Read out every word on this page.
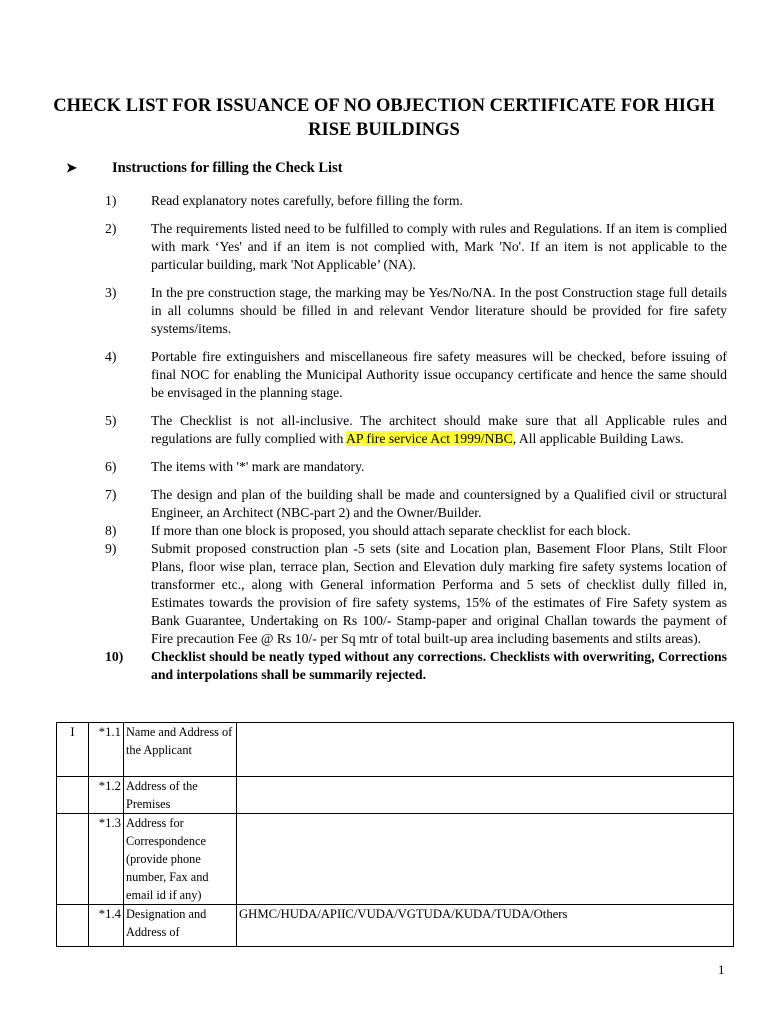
CHECK LIST FOR ISSUANCE OF NO OBJECTION CERTIFICATE FOR HIGH RISE BUILDINGS
➤ Instructions for filling the Check List
1)	Read explanatory notes carefully, before filling the form.
2)	The requirements listed need to be fulfilled to comply with rules and Regulations. If an item is complied with mark ‘Yes' and if an item is not complied with, Mark 'No'. If an item is not applicable to the particular building, mark 'Not Applicable’ (NA).
3)	In the pre construction stage, the marking may be Yes/No/NA. In the post Construction stage full details in all columns should be filled in and relevant Vendor literature should be provided for fire safety systems/items.
4)	Portable fire extinguishers and miscellaneous fire safety measures will be checked, before issuing of final NOC for enabling the Municipal Authority issue occupancy certificate and hence the same should be envisaged in the planning stage.
5)	The Checklist is not all-inclusive. The architect should make sure that all Applicable rules and regulations are fully complied with AP fire service Act 1999/NBC, All applicable Building Laws.
6)	The items with '*' mark are mandatory.
7)	The design and plan of the building shall be made and countersigned by a Qualified civil or structural Engineer, an Architect (NBC-part 2) and the Owner/Builder.
8)	If more than one block is proposed, you should attach separate checklist for each block.
9)	Submit proposed construction plan -5 sets (site and Location plan, Basement Floor Plans, Stilt Floor Plans, floor wise plan, terrace plan, Section and Elevation duly marking fire safety systems location of transformer etc., along with General information Performa and 5 sets of checklist dully filled in, Estimates towards the provision of fire safety systems, 15% of the estimates of Fire Safety system as Bank Guarantee, Undertaking on Rs 100/- Stamp-paper and original Challan towards the payment of Fire precaution Fee @ Rs 10/- per Sq mtr of total built-up area including basements and stilts areas).
10) Checklist should be neatly typed without any corrections. Checklists with overwriting, Corrections and interpolations shall be summarily rejected.
I	*1.1	Name and Address of the Applicant	
	*1.2	Address of the Premises	
	*1.3	Address for Correspondence (provide phone number, Fax and email id if any)	
	*1.4	Designation and Address of	GHMC/HUDA/APIIC/VUDA/VGTUDA/KUDA/TUDA/Others
1
